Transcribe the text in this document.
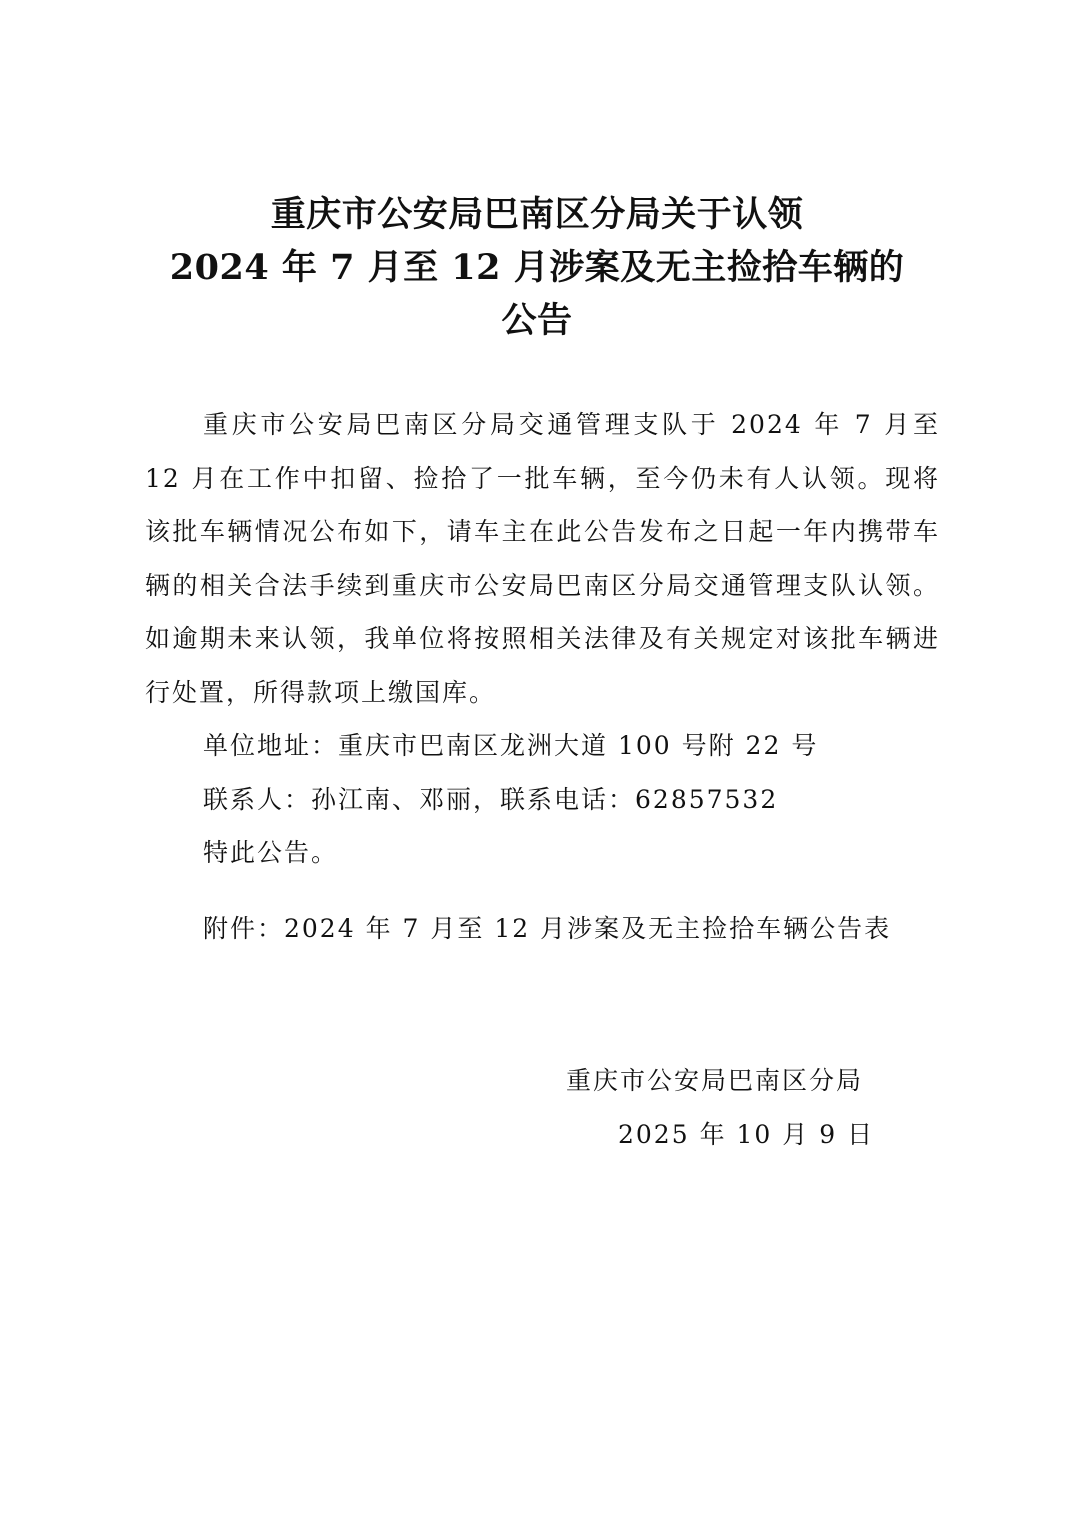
重庆市公安局巴南区分局关于认领
2024 年 7 月至 12 月涉案及无主捡拾车辆的
公告

重庆市公安局巴南区分局交通管理支队于 2024 年 7 月至 12 月在工作中扣留、捡拾了一批车辆，至今仍未有人认领。现将该批车辆情况公布如下，请车主在此公告发布之日起一年内携带车辆的相关合法手续到重庆市公安局巴南区分局交通管理支队认领。如逾期未来认领，我单位将按照相关法律及有关规定对该批车辆进行处置，所得款项上缴国库。

单位地址：重庆市巴南区龙洲大道 100 号附 22 号

联系人：孙江南、邓丽，联系电话：62857532

特此公告。

附件：2024 年 7 月至 12 月涉案及无主捡拾车辆公告表
重庆市公安局巴南区分局
2025 年 10 月 9 日
